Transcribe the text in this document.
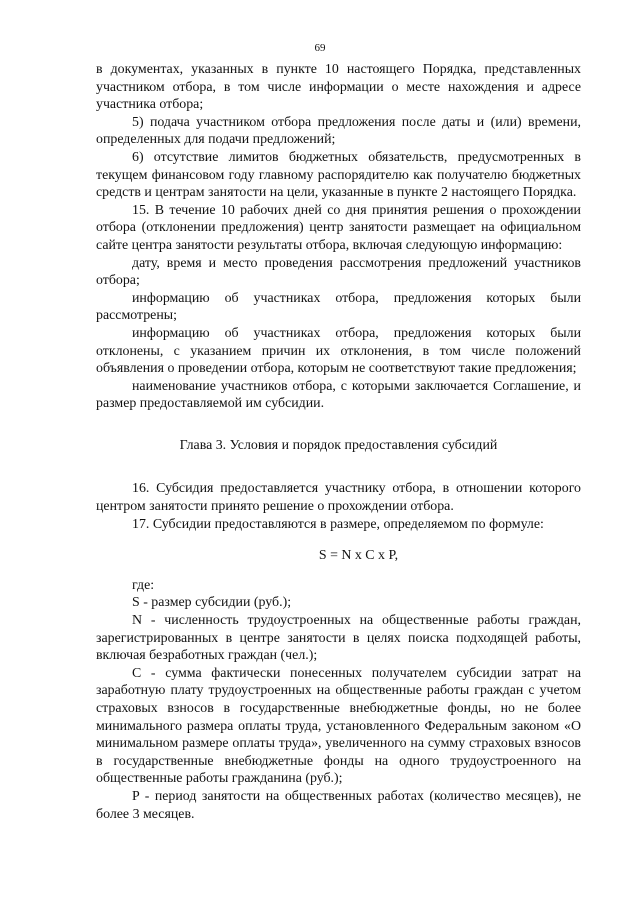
69

в документах, указанных в пункте 10 настоящего Порядка, представленных участником отбора, в том числе информации о месте нахождения и адресе участника отбора;

5) подача участником отбора предложения после даты и (или) времени, определенных для подачи предложений;

6) отсутствие лимитов бюджетных обязательств, предусмотренных в текущем финансовом году главному распорядителю как получателю бюджетных средств и центрам занятости на цели, указанные в пункте 2 настоящего Порядка.

15. В течение 10 рабочих дней со дня принятия решения о прохождении отбора (отклонении предложения) центр занятости размещает на официальном сайте центра занятости результаты отбора, включая следующую информацию:

дату, время и место проведения рассмотрения предложений участников отбора;

информацию об участниках отбора, предложения которых были рассмотрены;

информацию об участниках отбора, предложения которых были отклонены, с указанием причин их отклонения, в том числе положений объявления о проведении отбора, которым не соответствуют такие предложения;

наименование участников отбора, с которыми заключается Соглашение, и размер предоставляемой им субсидии.

Глава 3. Условия и порядок предоставления субсидий

16. Субсидия предоставляется участнику отбора, в отношении которого центром занятости принято решение о прохождении отбора.

17. Субсидии предоставляются в размере, определяемом по формуле:

S = N x C x P,

где:

S - размер субсидии (руб.);

N - численность трудоустроенных на общественные работы граждан, зарегистрированных в центре занятости в целях поиска подходящей работы, включая безработных граждан (чел.);

C - сумма фактически понесенных получателем субсидии затрат на заработную плату трудоустроенных на общественные работы граждан с учетом страховых взносов в государственные внебюджетные фонды, но не более минимального размера оплаты труда, установленного Федеральным законом «О минимальном размере оплаты труда», увеличенного на сумму страховых взносов в государственные внебюджетные фонды на одного трудоустроенного на общественные работы гражданина (руб.);

P - период занятости на общественных работах (количество месяцев), не более 3 месяцев.
